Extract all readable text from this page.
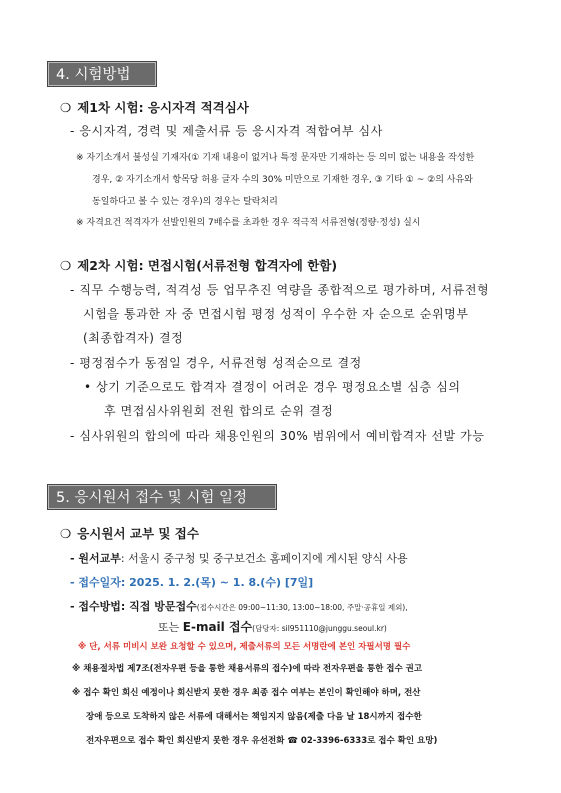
4. 시험방법
❍ 제1차 시험: 응시자격 적격심사
- 응시자격, 경력 및 제출서류 등 응시자격 적합여부 심사
※ 자기소개서 불성실 기재자(① 기재 내용이 없거나 특정 문자만 기재하는 등 의미 없는 내용을 작성한
경우, ② 자기소개서 항목당 허용 글자 수의 30% 미만으로 기재한 경우, ③ 기타 ① ~ ②의 사유와
동일하다고 볼 수 있는 경우)의 경우는 탈락처리
※ 자격요건 적격자가 선발인원의 7배수를 초과한 경우 적극적 서류전형(정량·정성) 실시
❍ 제2차 시험: 면접시험(서류전형 합격자에 한함)
- 직무 수행능력, 적격성 등 업무추진 역량을 종합적으로 평가하며, 서류전형
시험을 통과한 자 중 면접시험 평정 성적이 우수한 자 순으로 순위명부
(최종합격자) 결정
- 평정점수가 동점일 경우, 서류전형 성적순으로 결정
• 상기 기준으로도 합격자 결정이 어려운 경우 평정요소별 심층 심의
후 면접심사위원회 전원 합의로 순위 결정
- 심사위원의 합의에 따라 채용인원의 30% 범위에서 예비합격자 선발 가능
5. 응시원서 접수 및 시험 일정
❍ 응시원서 교부 및 접수
- 원서교부: 서울시 중구청 및 중구보건소 홈페이지에 게시된 양식 사용
- 접수일자: 2025. 1. 2.(목) ~ 1. 8.(수) [7일]
- 접수방법: 직접 방문접수(접수시간은 09:00~11:30, 13:00~18:00, 주말·공휴일 제외),
또는 E-mail 접수(담당자: sil951110@junggu.seoul.kr)
※ 단, 서류 미비시 보완 요청할 수 있으며, 제출서류의 모든 서명란에 본인 자필서명 필수
※ 채용절차법 제7조(전자우편 등을 통한 채용서류의 접수)에 따라 전자우편을 통한 접수 권고
※ 접수 확인 회신 예정이나 회신받지 못한 경우 최종 접수 여부는 본인이 확인해야 하며, 전산
장애 등으로 도착하지 않은 서류에 대해서는 책임지지 않음(제출 다음 날 18시까지 접수한
전자우편으로 접수 확인 회신받지 못한 경우 유선전화 ☎ 02-3396-6333로 접수 확인 요망)
